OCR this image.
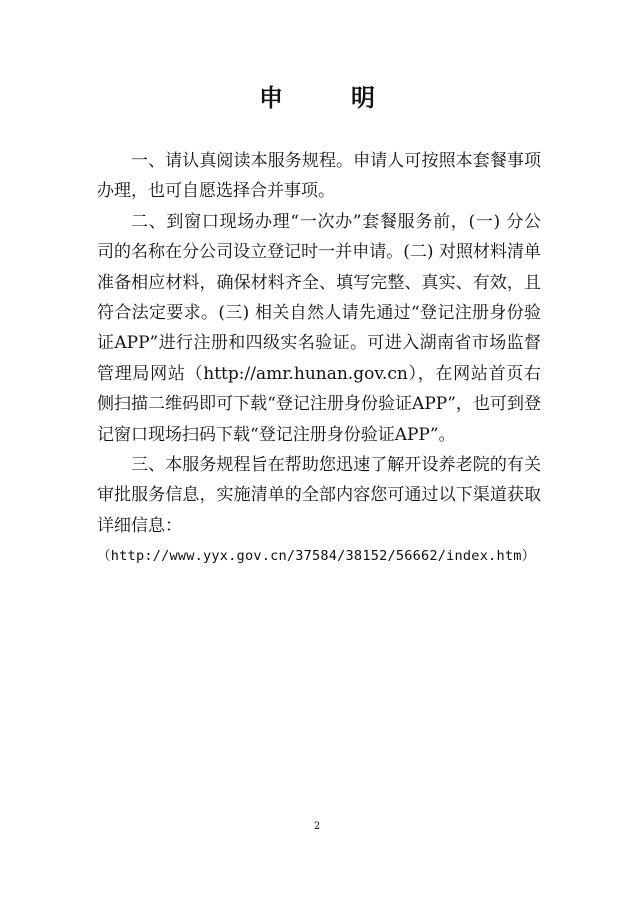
申　明

一、请认真阅读本服务规程。申请人可按照本套餐事项办理，也可自愿选择合并事项。

二、到窗口现场办理“一次办”套餐服务前，(一) 分公司的名称在分公司设立登记时一并申请。(二) 对照材料清单准备相应材料，确保材料齐全、填写完整、真实、有效，且符合法定要求。(三) 相关自然人请先通过“登记注册身份验证APP”进行注册和四级实名验证。可进入湖南省市场监督管理局网站（http://amr.hunan.gov.cn），在网站首页右侧扫描二维码即可下载“登记注册身份验证APP”，也可到登记窗口现场扫码下载“登记注册身份验证APP”。

三、本服务规程旨在帮助您迅速了解开设养老院的有关审批服务信息，实施清单的全部内容您可通过以下渠道获取详细信息：

（http://www.yyx.gov.cn/37584/38152/56662/index.htm）

2
